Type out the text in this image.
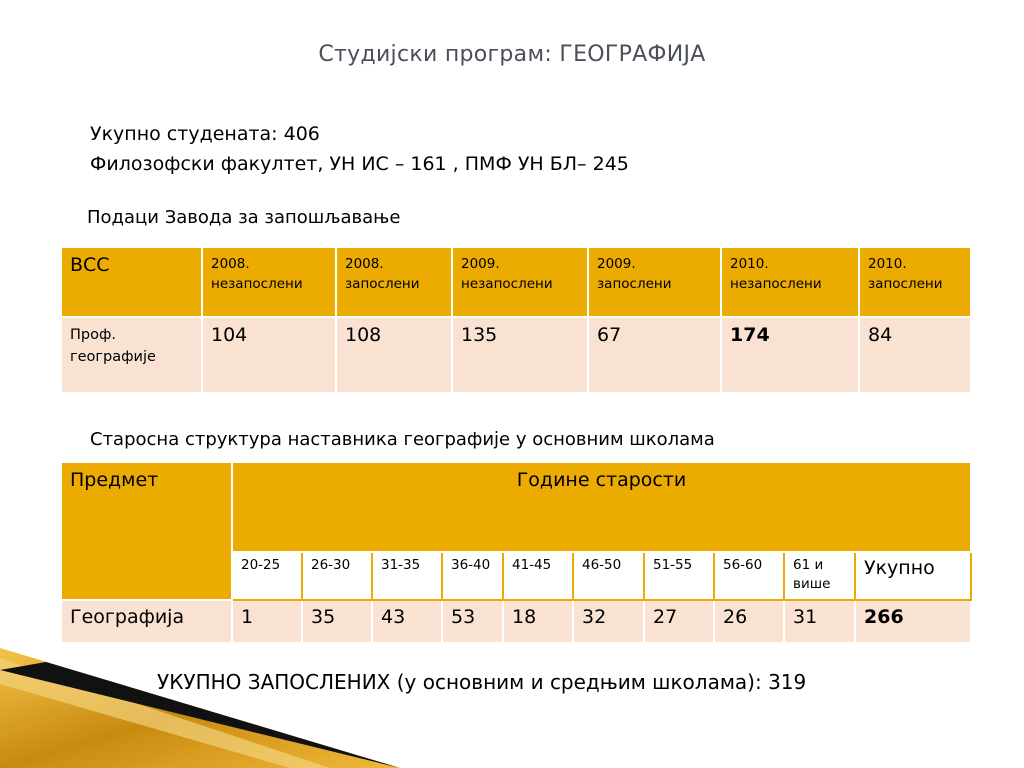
Студијски програм: ГЕОГРАФИЈА
Укупно студената: 406
Филозофски факултет, УН ИС – 161 , ПМФ УН БЛ– 245
Подаци Завода за запошљавање
ВСС	2008. незапослени	2008. запослени	2009. незапослени	2009. запослени	2010. незапослени	2010. запослени
Проф. географије	104	108	135	67	174	84
Старосна структура наставника географије у основним школама
Предмет	Године старости									
	20-25	26-30	31-35	36-40	41-45	46-50	51-55	56-60	61 и више	Укупно
Географија	1	35	43	53	18	32	27	26	31	266
УКУПНО ЗАПОСЛЕНИХ (у основним и средњим школама): 319
